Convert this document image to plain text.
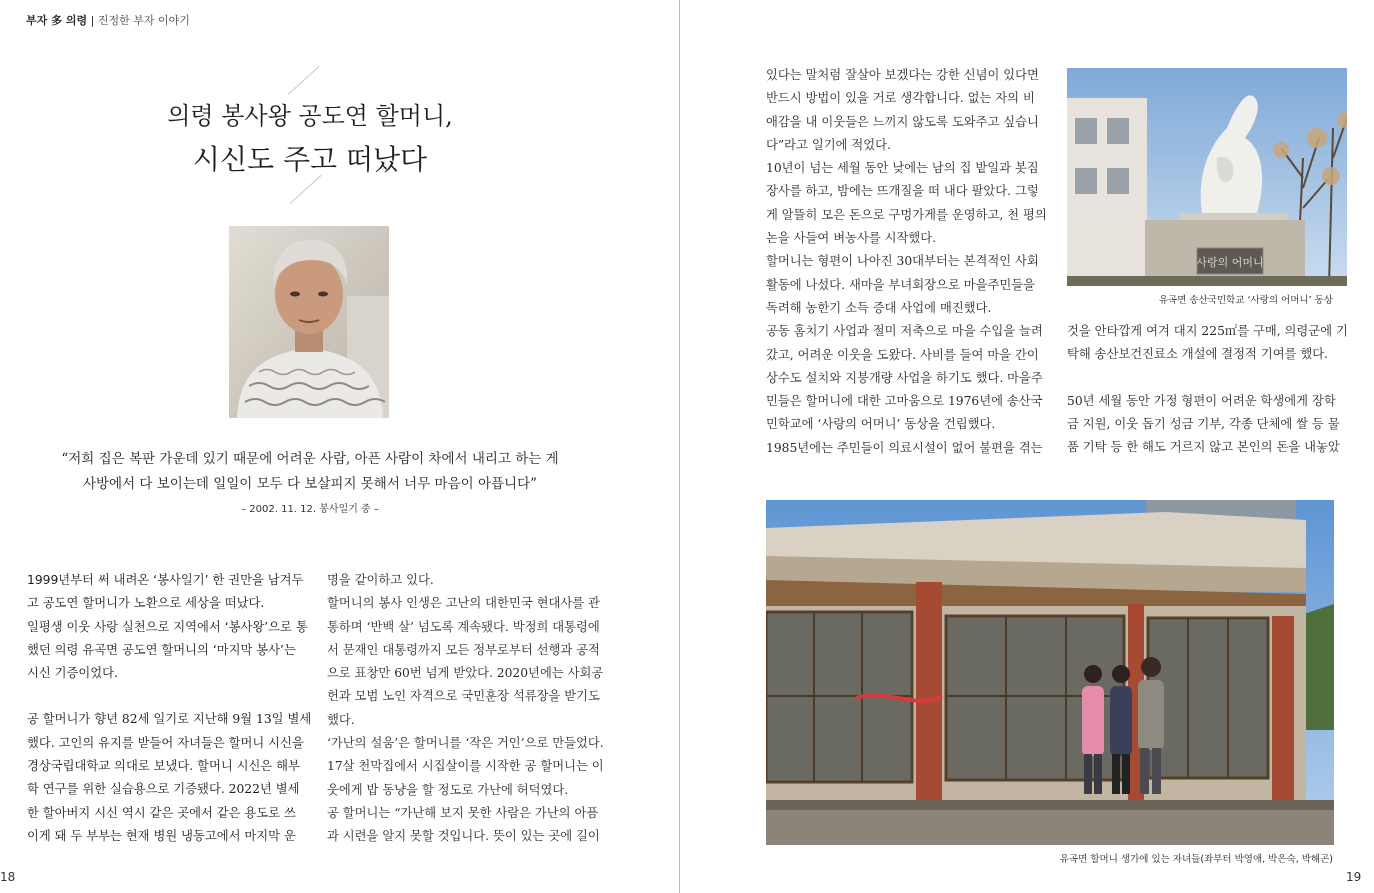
부자 多 의령 | 진정한 부자 이야기
의령 봉사왕 공도연 할머니,
시신도 주고 떠났다
“저희 집은 복판 가운데 있기 때문에 어려운 사람, 아픈 사람이 차에서 내리고 하는 게
사방에서 다 보이는데 일일이 모두 다 보살피지 못해서 너무 마음이 아픕니다”
– 2002. 11. 12. 봉사일기 중 –

1999년부터 써 내려온 ‘봉사일기’ 한 권만을 남겨두

고 공도연 할머니가 노환으로 세상을 떠났다.

일평생 이웃 사랑 실천으로 지역에서 ‘봉사왕’으로 통

했던 의령 유곡면 공도연 할머니의 ‘마지막 봉사’는

시신 기증이었다.

공 할머니가 향년 82세 일기로 지난해 9월 13일 별세

했다. 고인의 유지를 받들어 자녀들은 할머니 시신을

경상국립대학교 의대로 보냈다. 할머니 시신은 해부

학 연구를 위한 실습용으로 기증됐다. 2022년 별세

한 할아버지 시신 역시 같은 곳에서 같은 용도로 쓰

이게 돼 두 부부는 현재 병원 냉동고에서 마지막 운

명을 같이하고 있다.

할머니의 봉사 인생은 고난의 대한민국 현대사를 관

통하며 ‘반백 살’ 넘도록 계속됐다. 박정희 대통령에

서 문재인 대통령까지 모든 정부로부터 선행과 공적

으로 표창만 60번 넘게 받았다. 2020년에는 사회공

헌과 모범 노인 자격으로 국민훈장 석류장을 받기도

했다.

‘가난의 설움’은 할머니를 ‘작은 거인’으로 만들었다.

17살 천막집에서 시집살이를 시작한 공 할머니는 이

웃에게 밥 동냥을 할 정도로 가난에 허덕였다.

공 할머니는 “가난해 보지 못한 사람은 가난의 아픔

과 시련을 알지 못할 것입니다. 뜻이 있는 곳에 길이

18

있다는 말처럼 잘살아 보겠다는 강한 신념이 있다면

반드시 방법이 있을 거로 생각합니다. 없는 자의 비

애감을 내 이웃들은 느끼지 않도록 도와주고 싶습니

다”라고 일기에 적었다.

10년이 넘는 세월 동안 낮에는 남의 집 밭일과 봇짐

장사를 하고, 밤에는 뜨개질을 떠 내다 팔았다. 그렇

게 알뜰히 모은 돈으로 구멍가게를 운영하고, 천 평의

논을 사들여 벼농사를 시작했다.

할머니는 형편이 나아진 30대부터는 본격적인 사회

활동에 나섰다. 새마을 부녀회장으로 마을주민들을

독려해 농한기 소득 증대 사업에 매진했다.

공동 홈치기 사업과 절미 저축으로 마을 수입을 늘려

갔고, 어려운 이웃을 도왔다. 사비를 들여 마을 간이

상수도 설치와 지붕개량 사업을 하기도 했다. 마을주

민들은 할머니에 대한 고마움으로 1976년에 송산국

민학교에 ‘사랑의 어머니’ 동상을 건립했다.

1985년에는 주민들이 의료시설이 없어 불편을 겪는

사랑의 어머니
유곡면 송산국민학교 ‘사랑의 어머니’ 동상

것을 안타깝게 여겨 대지 225㎡를 구매, 의령군에 기

탁해 송산보건진료소 개설에 결정적 기여를 했다.

50년 세월 동안 가정 형편이 어려운 학생에게 장학

금 지원, 이웃 돕기 성금 기부, 각종 단체에 쌀 등 물

품 기탁 등 한 해도 거르지 않고 본인의 돈을 내놓았

유곡면 할머니 생가에 있는 자녀들(좌부터 박영애, 박은숙, 박해곤)
19
